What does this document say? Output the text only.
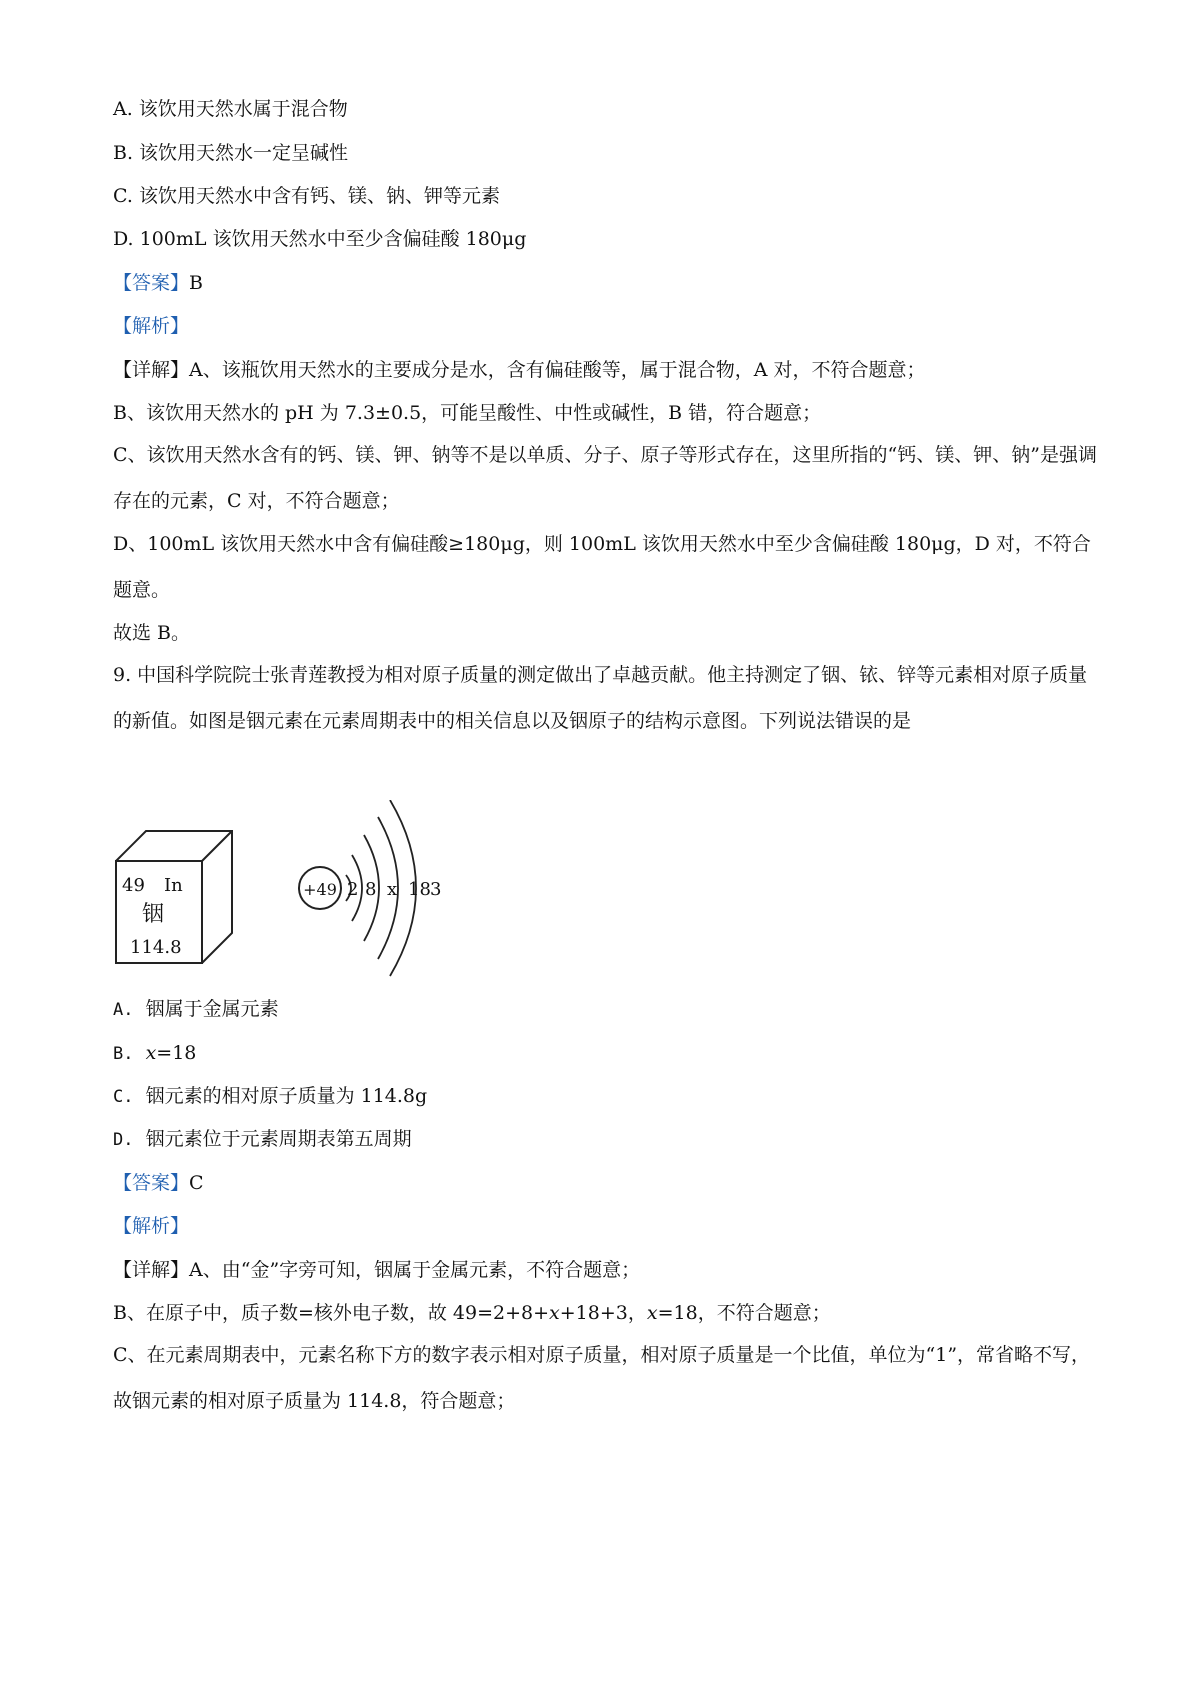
A. 该饮用天然水属于混合物
B. 该饮用天然水一定呈碱性
C. 该饮用天然水中含有钙、镁、钠、钾等元素
D. 100mL 该饮用天然水中至少含偏硅酸 180μg
【答案】B
【解析】
【详解】A、该瓶饮用天然水的主要成分是水，含有偏硅酸等，属于混合物，A 对，不符合题意；
B、该饮用天然水的 pH 为 7.3±0.5，可能呈酸性、中性或碱性，B 错，符合题意；
C、该饮用天然水含有的钙、镁、钾、钠等不是以单质、分子、原子等形式存在，这里所指的“钙、镁、钾、钠”是强调存在的元素，C 对，不符合题意；
D、100mL 该饮用天然水中含有偏硅酸≥180μg，则 100mL 该饮用天然水中至少含偏硅酸 180μg，D 对，不符合题意。
故选 B。
9. 中国科学院院士张青莲教授为相对原子质量的测定做出了卓越贡献。他主持测定了铟、铱、锌等元素相对原子质量的新值。如图是铟元素在元素周期表中的相关信息以及铟原子的结构示意图。下列说法错误的是
49 In
铟
114.8
+49 2 8 x 18 3
A. 铟属于金属元素
B. x=18
C. 铟元素的相对原子质量为 114.8g
D. 铟元素位于元素周期表第五周期
【答案】C
【解析】
【详解】A、由“金”字旁可知，铟属于金属元素，不符合题意；
B、在原子中，质子数=核外电子数，故 49=2+8+x+18+3，x=18，不符合题意；
C、在元素周期表中，元素名称下方的数字表示相对原子质量，相对原子质量是一个比值，单位为“1”，常省略不写，故铟元素的相对原子质量为 114.8，符合题意；
